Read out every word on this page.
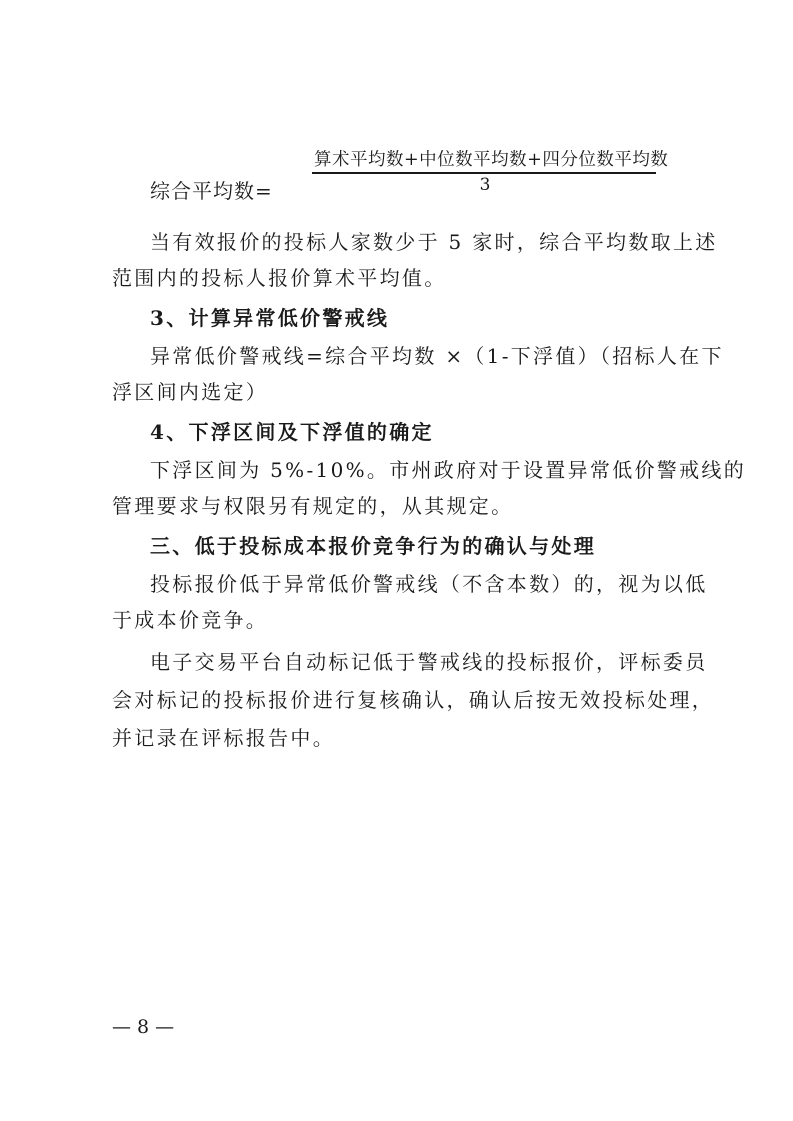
算术平均数+中位数平均数+四分位数平均数
3
综合平均数=
当有效报价的投标人家数少于 5 家时，综合平均数取上述
范围内的投标人报价算术平均值。
3、计算异常低价警戒线
异常低价警戒线=综合平均数 ×（1-下浮值）（招标人在下
浮区间内选定）
4、下浮区间及下浮值的确定
下浮区间为 5%-10%。市州政府对于设置异常低价警戒线的
管理要求与权限另有规定的，从其规定。
三、低于投标成本报价竞争行为的确认与处理
投标报价低于异常低价警戒线（不含本数）的，视为以低
于成本价竞争。
电子交易平台自动标记低于警戒线的投标报价，评标委员
会对标记的投标报价进行复核确认，确认后按无效投标处理，
并记录在评标报告中。
— 8 —
